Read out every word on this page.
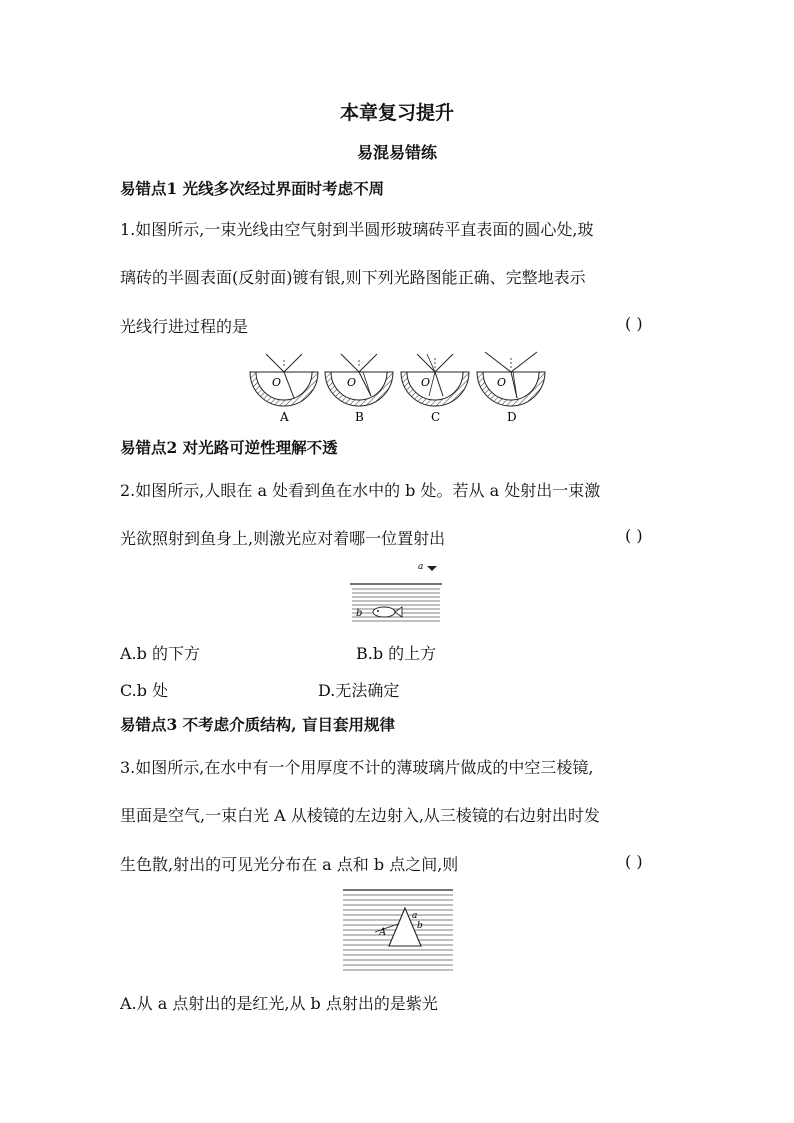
本章复习提升
易混易错练
易错点1 光线多次经过界面时考虑不周
1.如图所示,一束光线由空气射到半圆形玻璃砖平直表面的圆心处,玻
璃砖的半圆表面(反射面)镀有银,则下列光路图能正确、完整地表示
光线行进过程的是	( )
O
A
O
B
O
C
O
D
易错点2 对光路可逆性理解不透
2.如图所示,人眼在 a 处看到鱼在水中的 b 处。若从 a 处射出一束激
光欲照射到鱼身上,则激光应对着哪一位置射出	( )
a
b
A.b 的下方	B.b 的上方
C.b 处	D.无法确定
易错点3 不考虑介质结构, 盲目套用规律
3.如图所示,在水中有一个用厚度不计的薄玻璃片做成的中空三棱镜,
里面是空气,一束白光 A 从棱镜的左边射入,从三棱镜的右边射出时发
生色散,射出的可见光分布在 a 点和 b 点之间,则	( )
A
a
b
A.从 a 点射出的是红光,从 b 点射出的是紫光
